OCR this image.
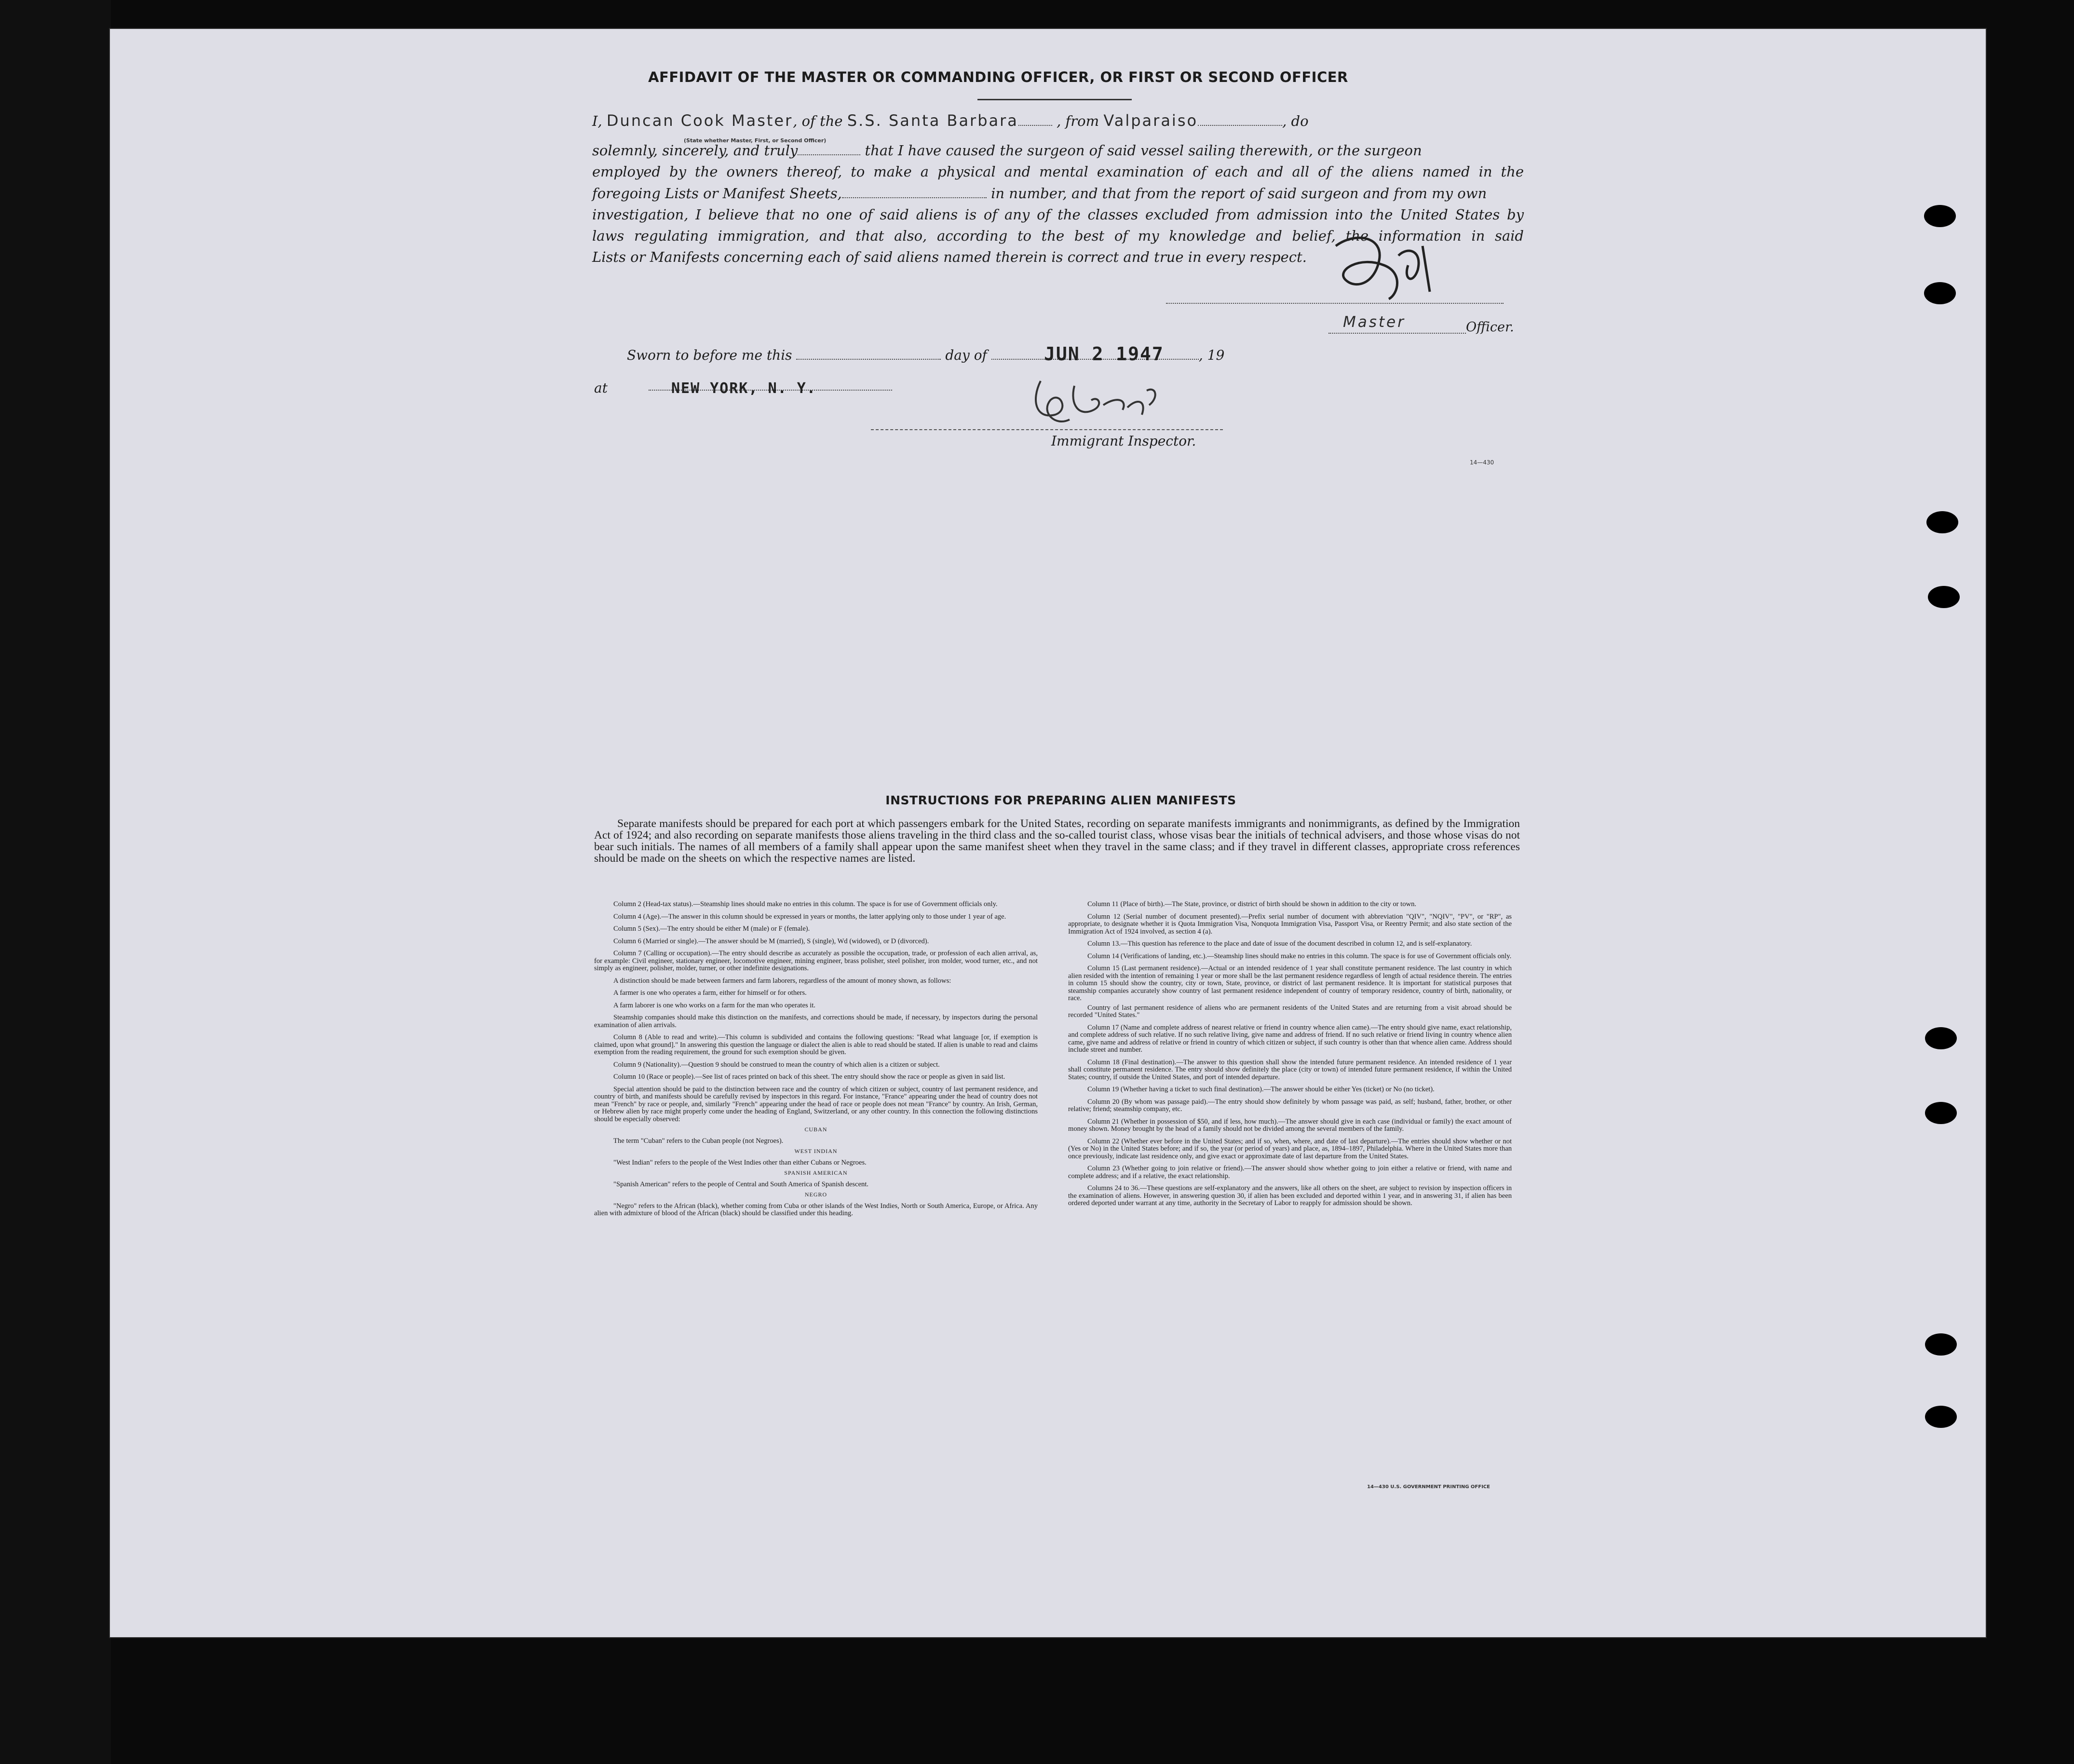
AFFIDAVIT OF THE MASTER OR COMMANDING OFFICER, OR FIRST OR SECOND OFFICER
I, Duncan Cook Master, of the S.S. Santa Barbara	, from Valparaiso	, do
(State whether Master, First, or Second Officer)
solemnly, sincerely, and truly	that I have caused the surgeon of said vessel sailing therewith, or the surgeon
employed by the owners thereof, to make a physical and mental examination of each and all of the aliens named in the
foregoing Lists or Manifest Sheets,	in number, and that from the report of said surgeon and from my own
investigation, I believe that no one of said aliens is of any of the classes excluded from admission into the United States by
laws regulating immigration, and that also, according to the best of my knowledge and belief, the information in said
Lists or Manifests concerning each of said aliens named therein is correct and true in every respect.
Master	Officer.
Sworn to before me this	day of	, 19
JUN 2 1947
at	NEW YORK, N. Y.
Immigrant Inspector.
14—430
INSTRUCTIONS FOR PREPARING ALIEN MANIFESTS
Separate manifests should be prepared for each port at which passengers embark for the United States, recording on separate manifests immigrants and nonimmigrants, as defined by the Immigration Act of 1924; and also recording on separate manifests those aliens traveling in the third class and the so-called tourist class, whose visas bear the initials of technical advisers, and those whose visas do not bear such initials. The names of all members of a family shall appear upon the same manifest sheet when they travel in the same class; and if they travel in different classes, appropriate cross references should be made on the sheets on which the respective names are listed.

Column 2 (Head-tax status).—Steamship lines should make no entries in this column. The space is for use of Government officials only.

Column 4 (Age).—The answer in this column should be expressed in years or months, the latter applying only to those under 1 year of age.

Column 5 (Sex).—The entry should be either M (male) or F (female).

Column 6 (Married or single).—The answer should be M (married), S (single), Wd (widowed), or D (divorced).

Column 7 (Calling or occupation).—The entry should describe as accurately as possible the occupation, trade, or profession of each alien arrival, as, for example: Civil engineer, stationary engineer, locomotive engineer, mining engineer, brass polisher, steel polisher, iron molder, wood turner, etc., and not simply as engineer, polisher, molder, turner, or other indefinite designations.

A distinction should be made between farmers and farm laborers, regardless of the amount of money shown, as follows:

A farmer is one who operates a farm, either for himself or for others.

A farm laborer is one who works on a farm for the man who operates it.

Steamship companies should make this distinction on the manifests, and corrections should be made, if necessary, by inspectors during the personal examination of alien arrivals.

Column 8 (Able to read and write).—This column is subdivided and contains the following questions: "Read what language [or, if exemption is claimed, upon what ground]." In answering this question the language or dialect the alien is able to read should be stated. If alien is unable to read and claims exemption from the reading requirement, the ground for such exemption should be given.

Column 9 (Nationality).—Question 9 should be construed to mean the country of which alien is a citizen or subject.

Column 10 (Race or people).—See list of races printed on back of this sheet. The entry should show the race or people as given in said list.

Special attention should be paid to the distinction between race and the country of which citizen or subject, country of last permanent residence, and country of birth, and manifests should be carefully revised by inspectors in this regard. For instance, "France" appearing under the head of country does not mean "French" by race or people, and, similarly "French" appearing under the head of race or people does not mean "France" by country. An Irish, German, or Hebrew alien by race might properly come under the heading of England, Switzerland, or any other country. In this connection the following distinctions should be especially observed:

CUBAN

The term "Cuban" refers to the Cuban people (not Negroes).

WEST INDIAN

"West Indian" refers to the people of the West Indies other than either Cubans or Negroes.

SPANISH AMERICAN

"Spanish American" refers to the people of Central and South America of Spanish descent.

NEGRO

"Negro" refers to the African (black), whether coming from Cuba or other islands of the West Indies, North or South America, Europe, or Africa. Any alien with admixture of blood of the African (black) should be classified under this heading.

Column 11 (Place of birth).—The State, province, or district of birth should be shown in addition to the city or town.

Column 12 (Serial number of document presented).—Prefix serial number of document with abbreviation "QIV", "NQIV", "PV", or "RP", as appropriate, to designate whether it is Quota Immigration Visa, Nonquota Immigration Visa, Passport Visa, or Reentry Permit; and also state section of the Immigration Act of 1924 involved, as section 4 (a).

Column 13.—This question has reference to the place and date of issue of the document described in column 12, and is self-explanatory.

Column 14 (Verifications of landing, etc.).—Steamship lines should make no entries in this column. The space is for use of Government officials only.

Column 15 (Last permanent residence).—Actual or an intended residence of 1 year shall constitute permanent residence. The last country in which alien resided with the intention of remaining 1 year or more shall be the last permanent residence regardless of length of actual residence therein. The entries in column 15 should show the country, city or town, State, province, or district of last permanent residence. It is important for statistical purposes that steamship companies accurately show country of last permanent residence independent of country of temporary residence, country of birth, nationality, or race.

Country of last permanent residence of aliens who are permanent residents of the United States and are returning from a visit abroad should be recorded "United States."

Column 17 (Name and complete address of nearest relative or friend in country whence alien came).—The entry should give name, exact relationship, and complete address of such relative. If no such relative living, give name and address of friend. If no such relative or friend living in country whence alien came, give name and address of relative or friend in country of which citizen or subject, if such country is other than that whence alien came. Address should include street and number.

Column 18 (Final destination).—The answer to this question shall show the intended future permanent residence. An intended residence of 1 year shall constitute permanent residence. The entry should show definitely the place (city or town) of intended future permanent residence, if within the United States; country, if outside the United States, and port of intended departure.

Column 19 (Whether having a ticket to such final destination).—The answer should be either Yes (ticket) or No (no ticket).

Column 20 (By whom was passage paid).—The entry should show definitely by whom passage was paid, as self; husband, father, brother, or other relative; friend; steamship company, etc.

Column 21 (Whether in possession of $50, and if less, how much).—The answer should give in each case (individual or family) the exact amount of money shown. Money brought by the head of a family should not be divided among the several members of the family.

Column 22 (Whether ever before in the United States; and if so, when, where, and date of last departure).—The entries should show whether or not (Yes or No) in the United States before; and if so, the year (or period of years) and place, as, 1894–1897, Philadelphia. Where in the United States more than once previously, indicate last residence only, and give exact or approximate date of last departure from the United States.

Column 23 (Whether going to join relative or friend).—The answer should show whether going to join either a relative or friend, with name and complete address; and if a relative, the exact relationship.

Columns 24 to 36.—These questions are self-explanatory and the answers, like all others on the sheet, are subject to revision by inspection officers in the examination of aliens. However, in answering question 30, if alien has been excluded and deported within 1 year, and in answering 31, if alien has been ordered deported under warrant at any time, authority in the Secretary of Labor to reapply for admission should be shown.

14—430 U.S. GOVERNMENT PRINTING OFFICE
